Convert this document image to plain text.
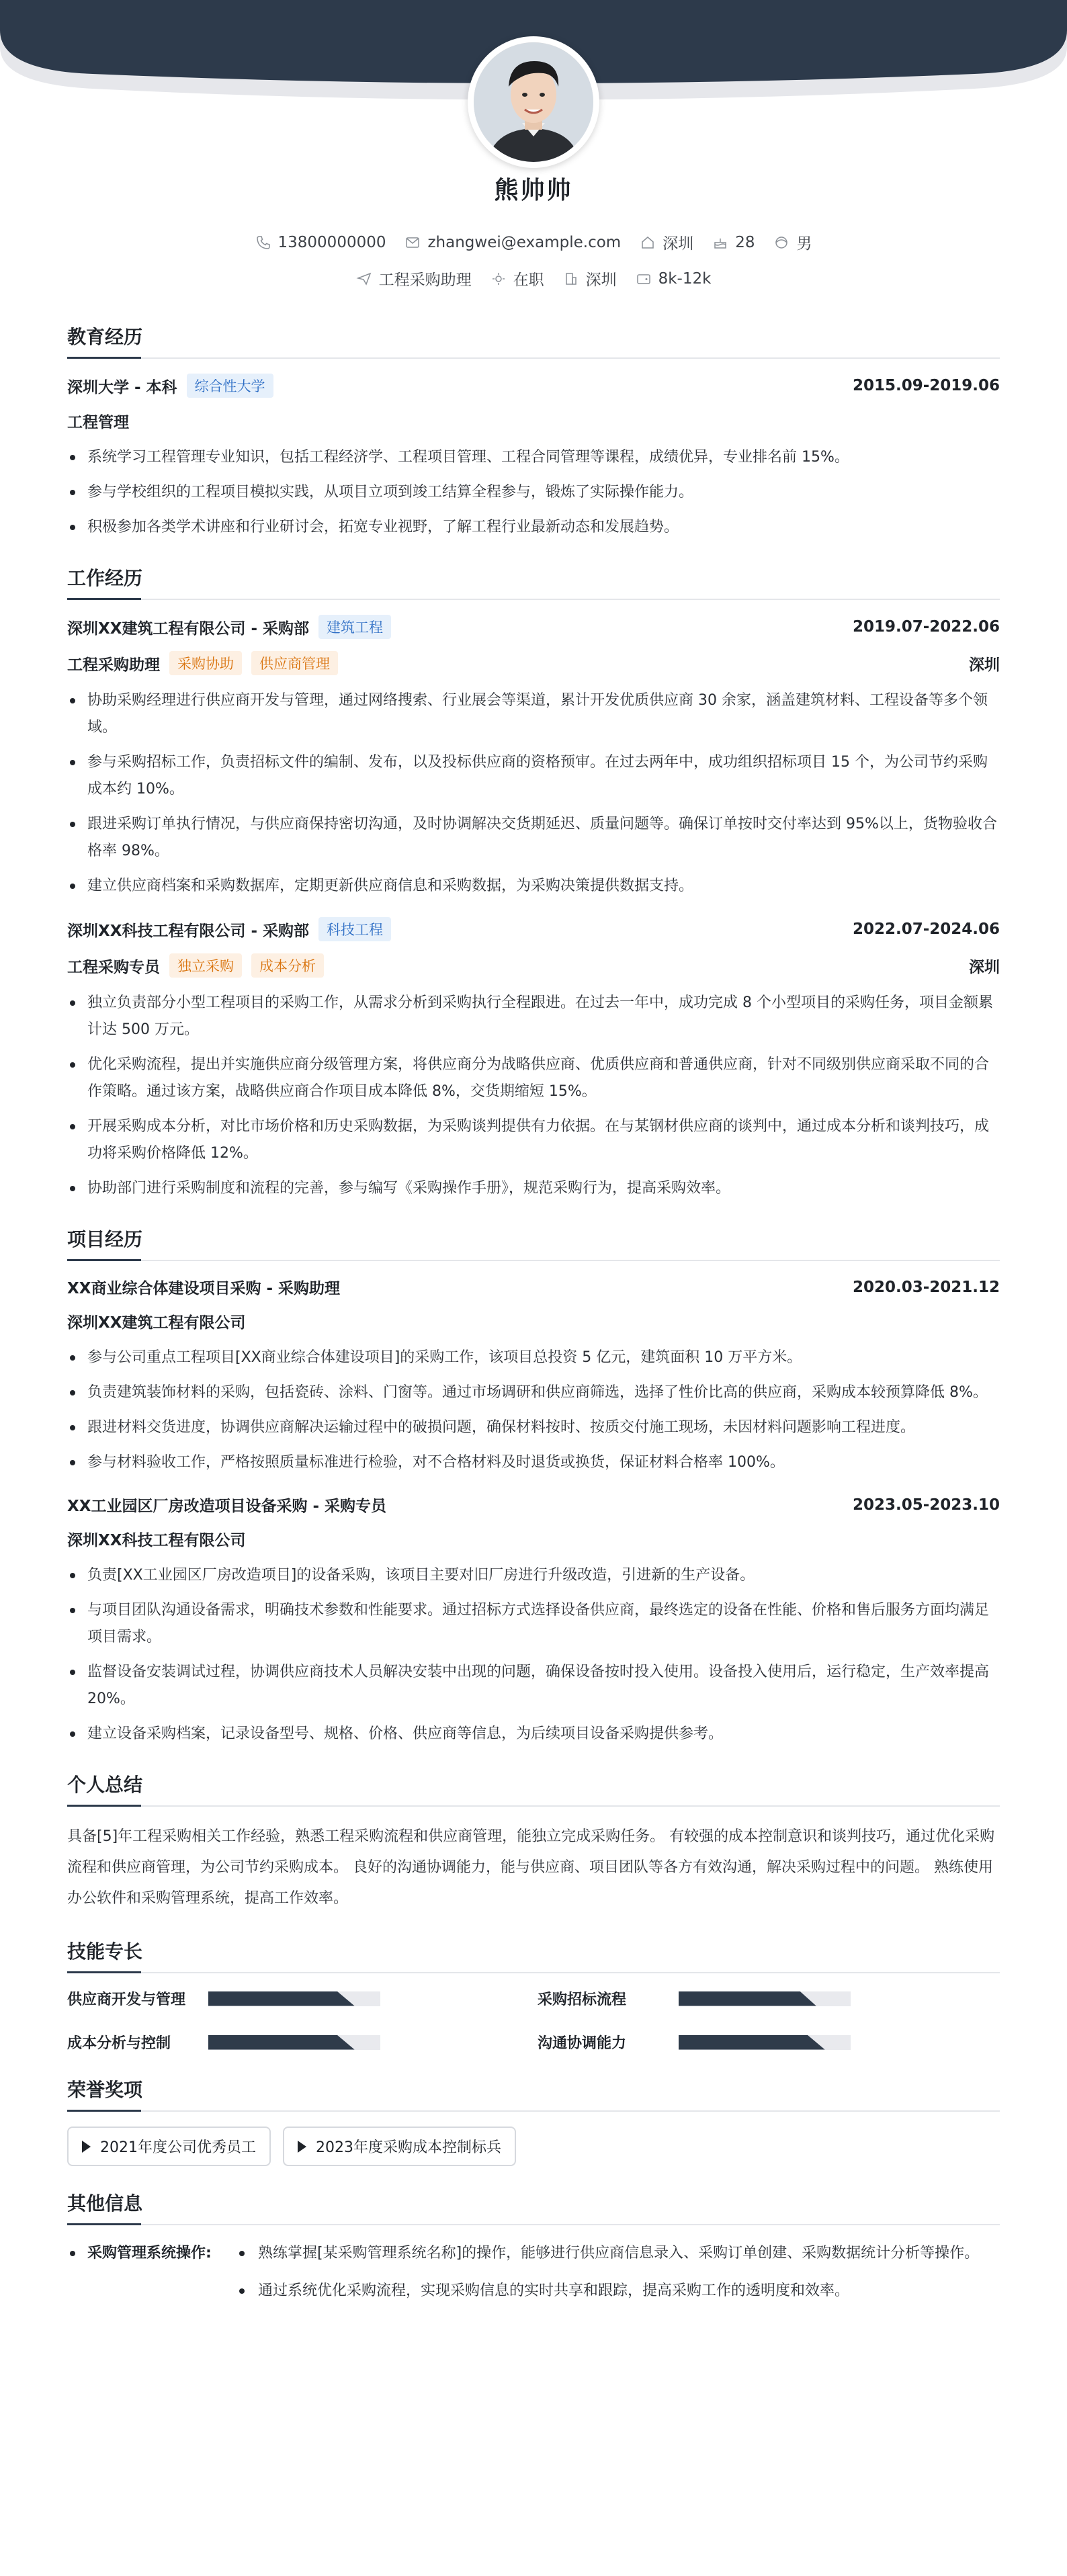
熊帅帅
13800000000	zhangwei@example.com	深圳	28	男
工程采购助理	在职	深圳	8k-12k
教育经历
深圳大学 - 本科	综合性大学	2015.09-2019.06
工程管理
系统学习工程管理专业知识，包括工程经济学、工程项目管理、工程合同管理等课程，成绩优异，专业排名前 15%。
参与学校组织的工程项目模拟实践，从项目立项到竣工结算全程参与，锻炼了实际操作能力。
积极参加各类学术讲座和行业研讨会，拓宽专业视野，了解工程行业最新动态和发展趋势。
工作经历
深圳XX建筑工程有限公司 - 采购部	建筑工程	2019.07-2022.06
工程采购助理	采购协助	供应商管理	深圳
协助采购经理进行供应商开发与管理，通过网络搜索、行业展会等渠道，累计开发优质供应商 30 余家，涵盖建筑材料、工程设备等多个领域。
参与采购招标工作，负责招标文件的编制、发布，以及投标供应商的资格预审。在过去两年中，成功组织招标项目 15 个，为公司节约采购成本约 10%。
跟进采购订单执行情况，与供应商保持密切沟通，及时协调解决交货期延迟、质量问题等。确保订单按时交付率达到 95%以上，货物验收合格率 98%。
建立供应商档案和采购数据库，定期更新供应商信息和采购数据，为采购决策提供数据支持。
深圳XX科技工程有限公司 - 采购部	科技工程	2022.07-2024.06
工程采购专员	独立采购	成本分析	深圳
独立负责部分小型工程项目的采购工作，从需求分析到采购执行全程跟进。在过去一年中，成功完成 8 个小型项目的采购任务，项目金额累计达 500 万元。
优化采购流程，提出并实施供应商分级管理方案，将供应商分为战略供应商、优质供应商和普通供应商，针对不同级别供应商采取不同的合作策略。通过该方案，战略供应商合作项目成本降低 8%，交货期缩短 15%。
开展采购成本分析，对比市场价格和历史采购数据，为采购谈判提供有力依据。在与某钢材供应商的谈判中，通过成本分析和谈判技巧，成功将采购价格降低 12%。
协助部门进行采购制度和流程的完善，参与编写《采购操作手册》，规范采购行为，提高采购效率。
项目经历
XX商业综合体建设项目采购 - 采购助理	2020.03-2021.12
深圳XX建筑工程有限公司
参与公司重点工程项目[XX商业综合体建设项目]的采购工作，该项目总投资 5 亿元，建筑面积 10 万平方米。
负责建筑装饰材料的采购，包括瓷砖、涂料、门窗等。通过市场调研和供应商筛选，选择了性价比高的供应商，采购成本较预算降低 8%。
跟进材料交货进度，协调供应商解决运输过程中的破损问题，确保材料按时、按质交付施工现场，未因材料问题影响工程进度。
参与材料验收工作，严格按照质量标准进行检验，对不合格材料及时退货或换货，保证材料合格率 100%。
XX工业园区厂房改造项目设备采购 - 采购专员	2023.05-2023.10
深圳XX科技工程有限公司
负责[XX工业园区厂房改造项目]的设备采购，该项目主要对旧厂房进行升级改造，引进新的生产设备。
与项目团队沟通设备需求，明确技术参数和性能要求。通过招标方式选择设备供应商，最终选定的设备在性能、价格和售后服务方面均满足项目需求。
监督设备安装调试过程，协调供应商技术人员解决安装中出现的问题，确保设备按时投入使用。设备投入使用后，运行稳定，生产效率提高 20%。
建立设备采购档案，记录设备型号、规格、价格、供应商等信息，为后续项目设备采购提供参考。
个人总结
具备[5]年工程采购相关工作经验，熟悉工程采购流程和供应商管理，能独立完成采购任务。 有较强的成本控制意识和谈判技巧，通过优化采购流程和供应商管理，为公司节约采购成本。 良好的沟通协调能力，能与供应商、项目团队等各方有效沟通，解决采购过程中的问题。 熟练使用办公软件和采购管理系统，提高工作效率。
技能专长
供应商开发与管理	采购招标流程
成本分析与控制	沟通协调能力
荣誉奖项
2021年度公司优秀员工	2023年度采购成本控制标兵
其他信息
采购管理系统操作:	熟练掌握[某采购管理系统名称]的操作，能够进行供应商信息录入、采购订单创建、采购数据统计分析等操作。
通过系统优化采购流程，实现采购信息的实时共享和跟踪，提高采购工作的透明度和效率。
